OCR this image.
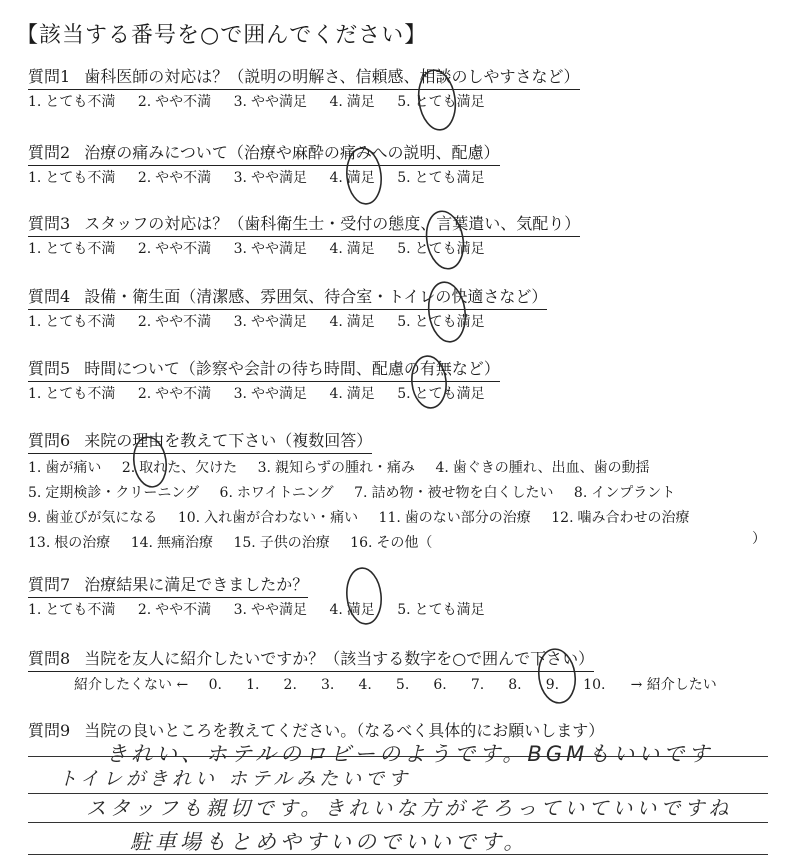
【該当する番号を○で囲んでください】
質問1 歯科医師の対応は？（説明の明解さ、信頼感、相談のしやすさなど）
1. とても不満 2. やや不満 3. やや満足 4. 満足 5. とても満足
質問2 治療の痛みについて（治療や麻酔の痛みへの説明、配慮）
1. とても不満 2. やや不満 3. やや満足 4. 満足 5. とても満足
質問3 スタッフの対応は？（歯科衛生士・受付の態度、言葉遣い、気配り）
1. とても不満 2. やや不満 3. やや満足 4. 満足 5. とても満足
質問4 設備・衛生面（清潔感、雰囲気、待合室・トイレの快適さなど）
1. とても不満 2. やや不満 3. やや満足 4. 満足 5. とても満足
質問5 時間について（診察や会計の待ち時間、配慮の有無など）
1. とても不満 2. やや不満 3. やや満足 4. 満足 5. とても満足
質問6 来院の理由を教えて下さい（複数回答）
1. 歯が痛い 2. 取れた、欠けた 3. 親知らずの腫れ・痛み 4. 歯ぐきの腫れ、出血、歯の動揺
5. 定期検診・クリーニング 6. ホワイトニング 7. 詰め物・被せ物を白くしたい 8. インプラント
9. 歯並びが気になる 10. 入れ歯が合わない・痛い 11. 歯のない部分の治療 12. 噛み合わせの治療
13. 根の治療 14. 無痛治療 15. 子供の治療 16. その他（	）
質問7 治療結果に満足できましたか？
1. とても不満 2. やや不満 3. やや満足 4. 満足 5. とても満足
質問8 当院を友人に紹介したいですか？（該当する数字を○で囲んで下さい）
紹介したくない ← 0. 1. 2. 3. 4. 5. 6. 7. 8. 9. 10. → 紹介したい
質問9 当院の良いところを教えてください。（なるべく具体的にお願いします）
きれい、ホテルのロビーのようです。BGMもいいです
トイレがきれい ホテルみたいです
スタッフも親切です。きれいな方がそろっていていいですね
駐車場もとめやすいのでいいです。
